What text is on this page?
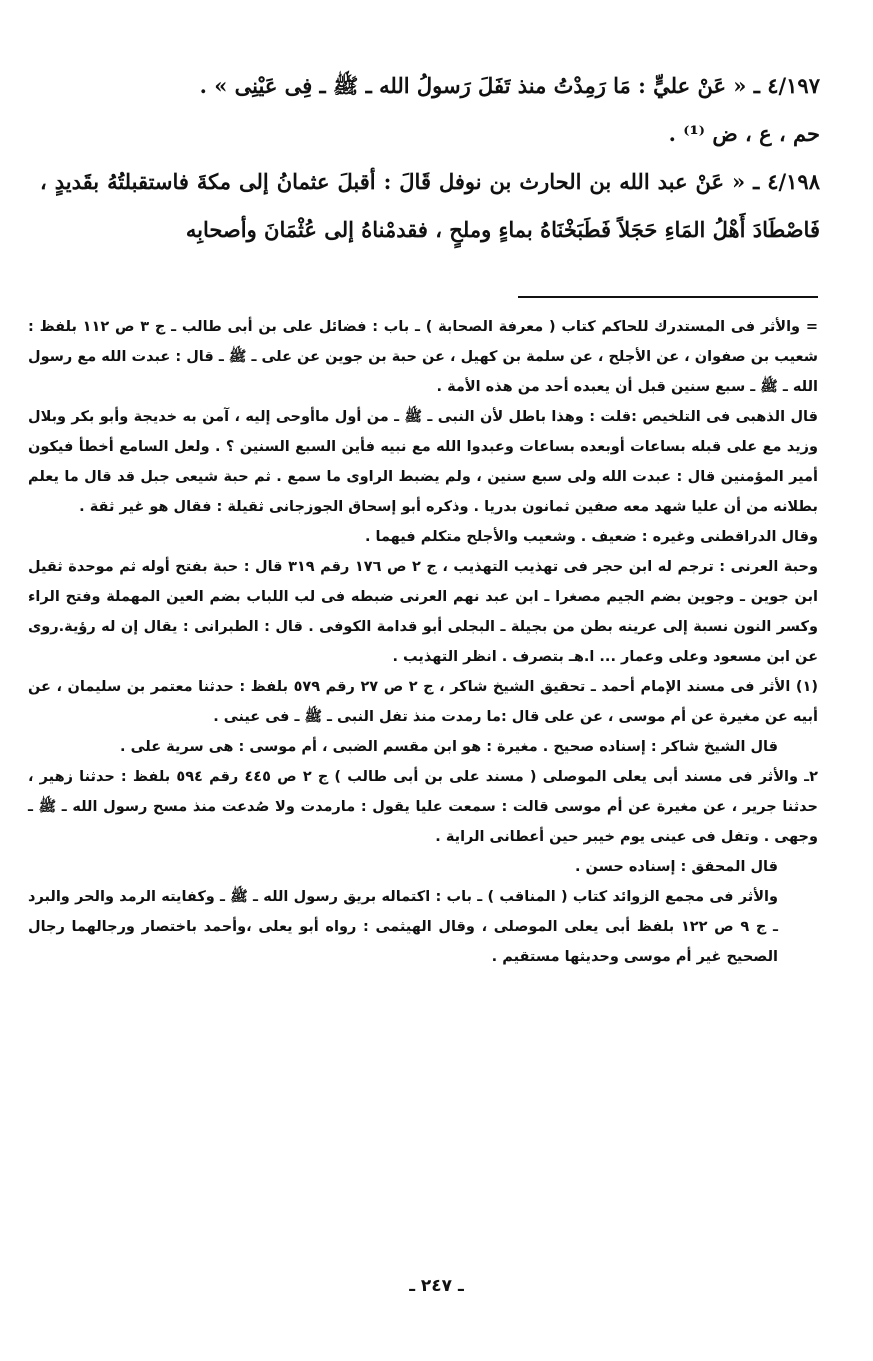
٤/١٩٧ ـ « عَنْ عليٍّ : مَا رَمِدْتُ منذ تَفَلَ رَسولُ الله ـ ﷺ ـ فِى عَيْنِى » .

حم ، ع ، ض ⁽¹⁾ .

٤/١٩٨ ـ « عَنْ عبد الله بن الحارث بن نوفل قَالَ : أقبلَ عثمانُ إلى مكةَ فاستقبلتُهُ بقَديدٍ ، فَاصْطَادَ أَهْلُ المَاءِ حَجَلاً فَطَبَخْنَاهُ بماءٍ وملحٍ ، فقدمْناهُ إلى عُثْمَانَ وأصحابِه

= والأثر فى المستدرك للحاكم كتاب ( معرفة الصحابة ) ـ باب : فضائل على بن أبى طالب ـ ج ٣ ص ١١٢ بلفظ : شعيب بن صفوان ، عن الأجلح ، عن سلمة بن كهيل ، عن حبة بن جوين عن على ـ ﷺ ـ قال : عبدت الله مع رسول الله ـ ﷺ ـ سبع سنين قبل أن يعبده أحد من هذه الأمة .

قال الذهبى فى التلخيص :قلت : وهذا باطل لأن النبى ـ ﷺ ـ من أول ماأوحى إليه ، آمن به خديجة وأبو بكر وبلال وزيد مع على قبله بساعات أوبعده بساعات وعبدوا الله مع نبيه فأين السبع السنين ؟ . ولعل السامع أخطأ فيكون أمير المؤمنين قال : عبدت الله ولى سبع سنين ، ولم يضبط الراوى ما سمع . ثم حبة شيعى جبل قد قال ما يعلم بطلانه من أن عليا شهد معه صفين ثمانون بدريا . وذكره أبو إسحاق الجوزجانى ثقيلة : فقال هو غير ثقة .

وقال الدراقطنى وغيره : ضعيف . وشعيب والأجلح متكلم فيهما .

وحبة العرنى : ترجم له ابن حجر فى تهذيب التهذيب ، ج ٢ ص ١٧٦ رقم ٣١٩ قال : حبة بفتح أوله ثم موحدة ثقيل ابن جوين ـ وجوين بضم الجيم مصغرا ـ ابن عبد نهم العرنى ضبطه فى لب اللباب بضم العين المهملة وفتح الراء وكسر النون نسبة إلى عرينه بطن من بجيلة ـ البجلى أبو قدامة الكوفى . قال : الطبرانى : يقال إن له رؤية.روى عن ابن مسعود وعلى وعمار ... ا.هـ بتصرف . انظر التهذيب .

(١) الأثر فى مسند الإمام أحمد ـ تحقيق الشيخ شاكر ، ج ٢ ص ٢٧ رقم ٥٧٩ بلفظ : حدثنا معتمر بن سليمان ، عن أبيه عن مغيرة عن أم موسى ، عن على قال :ما رمدت منذ تفل النبى ـ ﷺ ـ فى عينى .

قال الشيخ شاكر : إسناده صحيح . مغيرة : هو ابن مقسم الضبى ، أم موسى : هى سرية على .

٢ـ والأثر فى مسند أبى يعلى الموصلى ( مسند على بن أبى طالب ) ج ٢ ص ٤٤٥ رقم ٥٩٤ بلفظ : حدثنا زهير ، حدثنا جرير ، عن مغيرة عن أم موسى قالت : سمعت عليا يقول : مارمدت ولا صُدعت منذ مسح رسول الله ـ ﷺ ـ وجهى . وتفل فى عينى يوم خيبر حين أعطانى الراية .

قال المحقق : إسناده حسن .

والأثر فى مجمع الزوائد كتاب ( المناقب ) ـ باب : اكتماله بريق رسول الله ـ ﷺ ـ وكفايته الرمد والحر والبرد ـ ج ٩ ص ١٢٢ بلفظ أبى يعلى الموصلى ، وقال الهيثمى : رواه أبو يعلى ،وأحمد باختصار ورجالهما رجال الصحيح غير أم موسى وحديثها مستقيم .

ـ ٢٤٧ ـ
